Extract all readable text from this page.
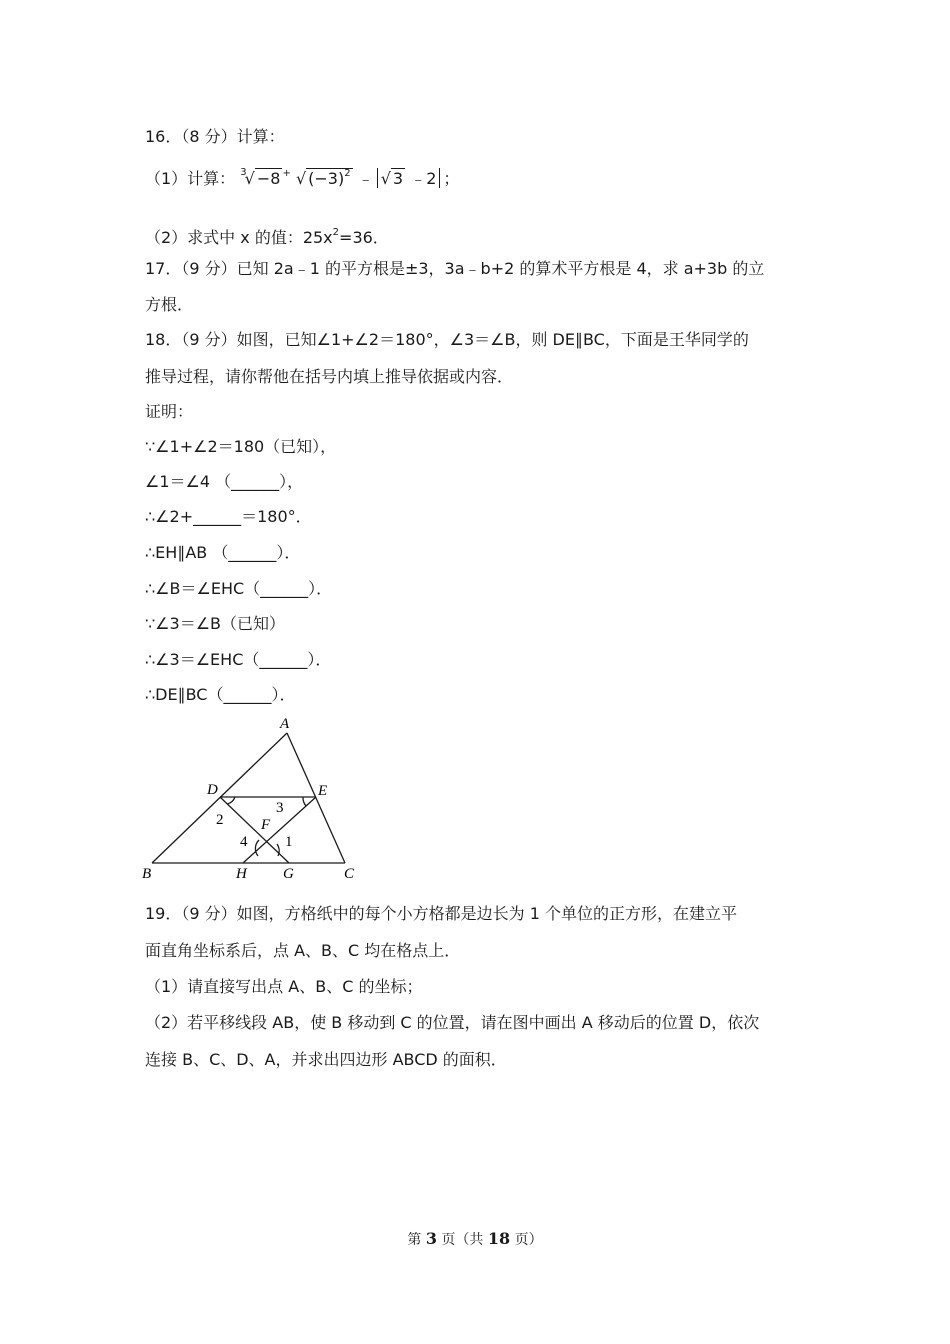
16．（8 分）计算：
（1）计算： $^3$√ −8 + √ $(-3)^2$ ﹣ √ 3 ﹣2 ；
（2）求式中 x 的值：$25x^2=36$．
17．（9 分）已知 2a﹣1 的平方根是±3，3a﹣b+2 的算术平方根是 4，求 a+3b 的立
方根．
18．（9 分）如图，已知∠1+∠2＝180°，∠3＝∠B，则 DE∥BC，下面是王华同学的
推导过程，请你帮他在括号内填上推导依据或内容．
证明：
∵∠1+∠2＝180（已知），
∠1＝∠4 （______），
∴∠2+______＝180°．
∴EH∥AB （______）．
∴∠B＝∠EHC（______）．
∵∠3＝∠B（已知）
∴∠3＝∠EHC（______）．
∴DE∥BC（______）．
A
B	C
D	E
F
G
H
2
3
4	1
19．（9 分）如图，方格纸中的每个小方格都是边长为 1 个单位的正方形，在建立平
面直角坐标系后，点 A、B、C 均在格点上．
（1）请直接写出点 A、B、C 的坐标；
（2）若平移线段 AB，使 B 移动到 C 的位置，请在图中画出 A 移动后的位置 D，依次
连接 B、C、D、A，并求出四边形 ABCD 的面积．
第 3 页（共 18 页）
